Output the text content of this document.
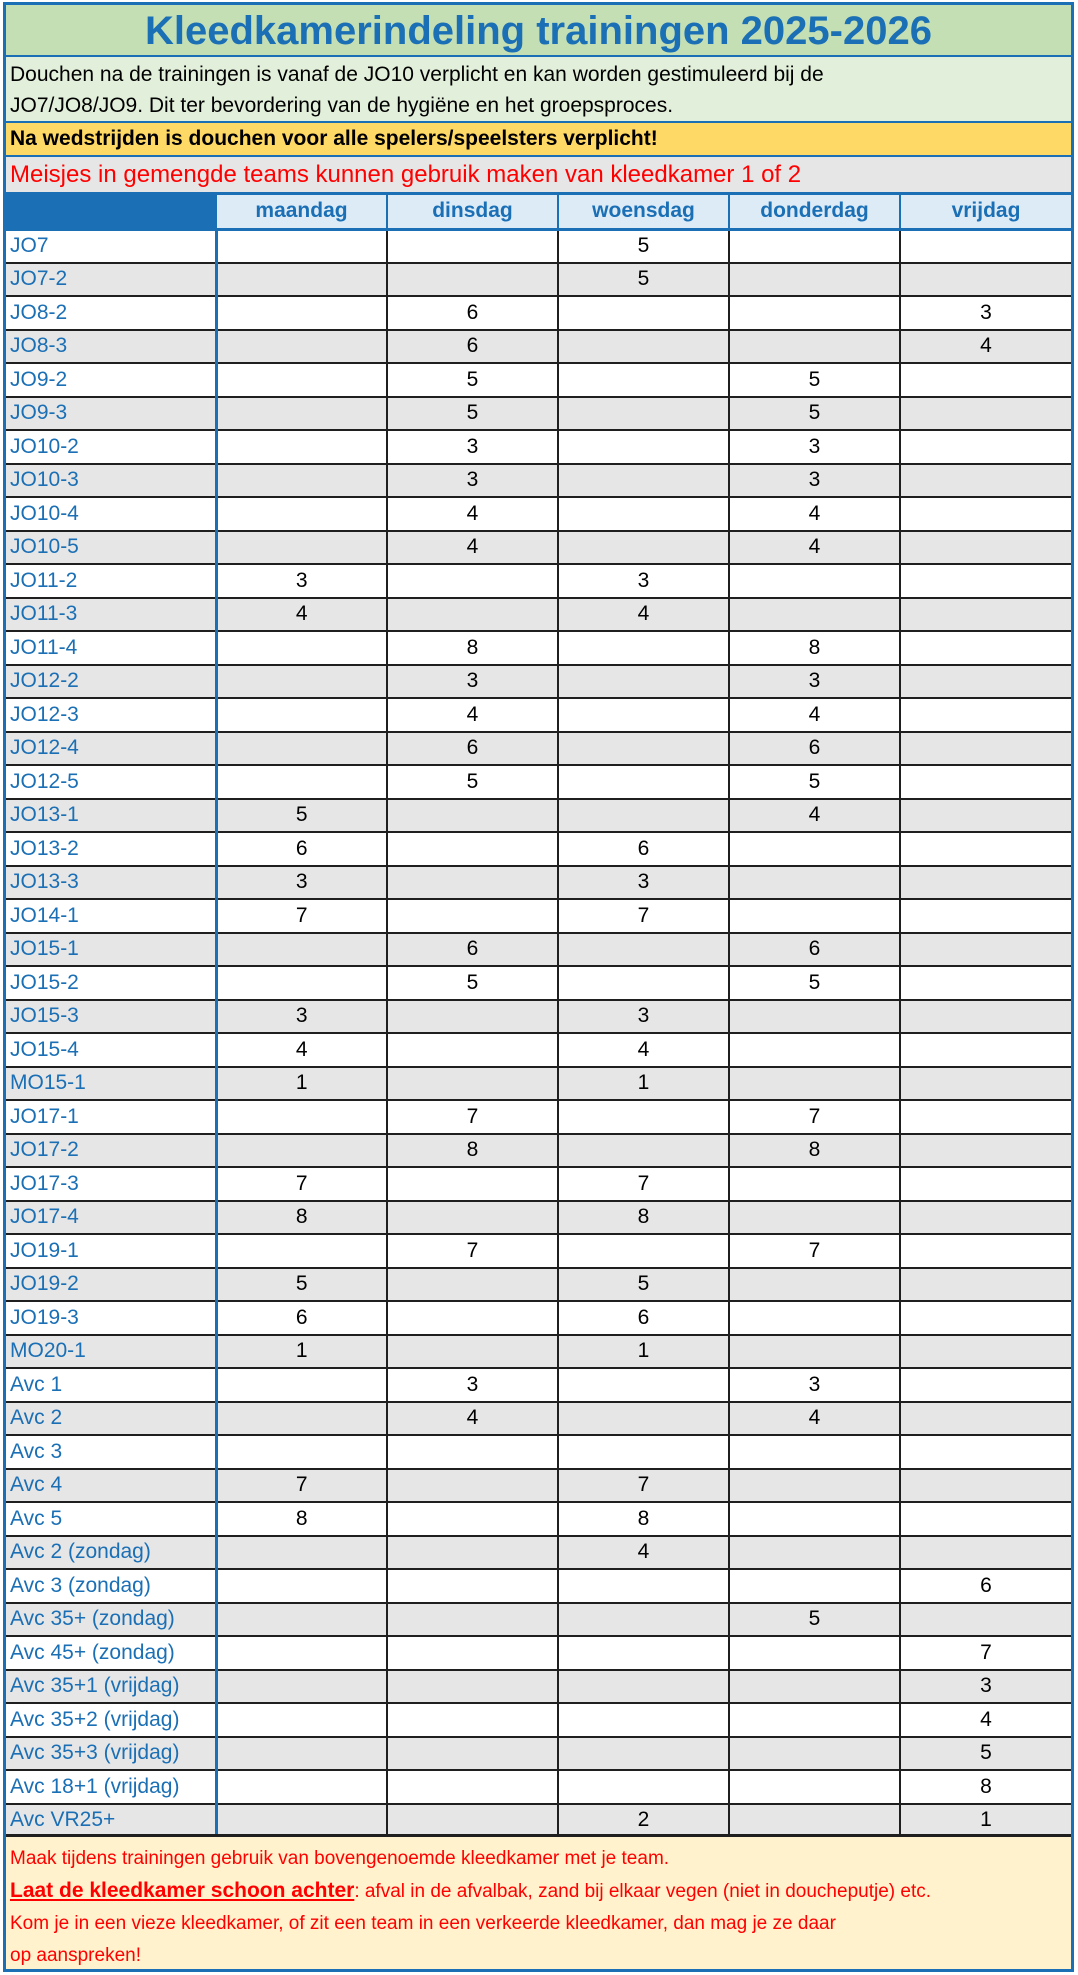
Kleedkamerindeling trainingen 2025-2026
Douchen na de trainingen is vanaf de JO10 verplicht en kan worden gestimuleerd bij de
JO7/JO8/JO9. Dit ter bevordering van de hygiëne en het groepsproces.
Na wedstrijden is douchen voor alle spelers/speelsters verplicht!
Meisjes in gemengde teams kunnen gebruik maken van kleedkamer 1 of 2
	maandag	dinsdag	woensdag	donderdag	vrijdag
JO7			5		
JO7-2			5		
JO8-2		6			3
JO8-3		6			4
JO9-2		5		5	
JO9-3		5		5	
JO10-2		3		3	
JO10-3		3		3	
JO10-4		4		4	
JO10-5		4		4	
JO11-2	3		3		
JO11-3	4		4		
JO11-4		8		8	
JO12-2		3		3	
JO12-3		4		4	
JO12-4		6		6	
JO12-5		5		5	
JO13-1	5			4	
JO13-2	6		6		
JO13-3	3		3		
JO14-1	7		7		
JO15-1		6		6	
JO15-2		5		5	
JO15-3	3		3		
JO15-4	4		4		
MO15-1	1		1		
JO17-1		7		7	
JO17-2		8		8	
JO17-3	7		7		
JO17-4	8		8		
JO19-1		7		7	
JO19-2	5		5		
JO19-3	6		6		
MO20-1	1		1		
Avc 1		3		3	
Avc 2		4		4	
Avc 3					
Avc 4	7		7		
Avc 5	8		8		
Avc 2 (zondag)			4		
Avc 3 (zondag)					6
Avc 35+ (zondag)				5	
Avc 45+ (zondag)					7
Avc 35+1 (vrijdag)					3
Avc 35+2 (vrijdag)					4
Avc 35+3 (vrijdag)					5
Avc 18+1 (vrijdag)					8
Avc VR25+			2		1
Maak tijdens trainingen gebruik van bovengenoemde kleedkamer met je team.
Laat de kleedkamer schoon achter: afval in de afvalbak, zand bij elkaar vegen (niet in doucheputje) etc.
Kom je in een vieze kleedkamer, of zit een team in een verkeerde kleedkamer, dan mag je ze daar
op aanspreken!
